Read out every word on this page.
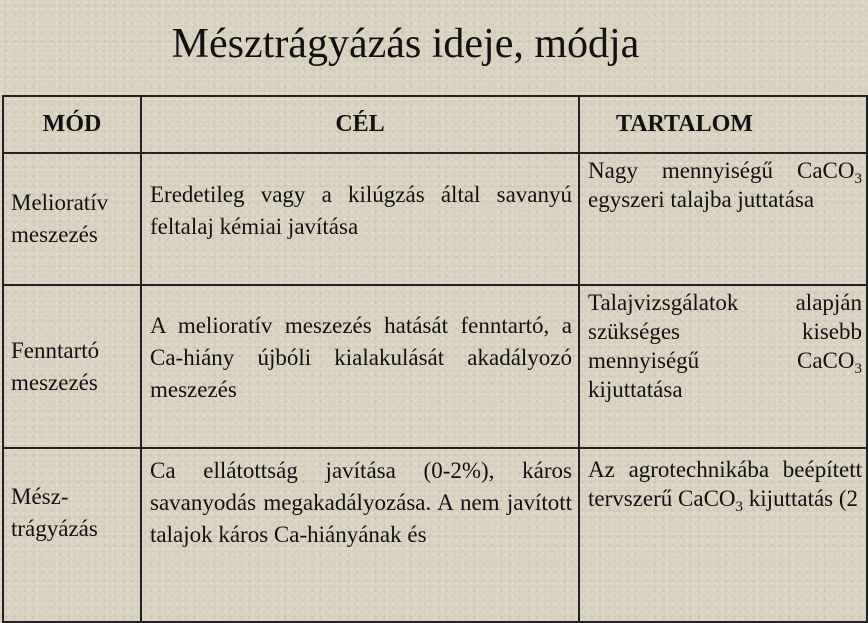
Mésztrágyázás ideje, módja
MÓD	CÉL	TARTALOM
Melioratív meszezés	Eredetileg vagy a kilúgzás által savanyú feltalaj kémiai javítása	Nagy mennyiségű CaCO$_3$ egyszeri talajba juttatása
Fenntartó meszezés	A melioratív meszezés hatását fenntartó, a Ca-hiány újbóli kialakulását akadályozó meszezés	Talajvizsgálatok alapján szükséges kisebb mennyiségű CaCO$_3$ kijuttatása
Mész-trágyázás	Ca ellátottság javítása (0-2%), káros savanyodás megakadályozása. A nem javított talajok káros Ca-hiányának és	Az agrotechnikába beépített tervszerű CaCO$_3$ kijuttatás (2
